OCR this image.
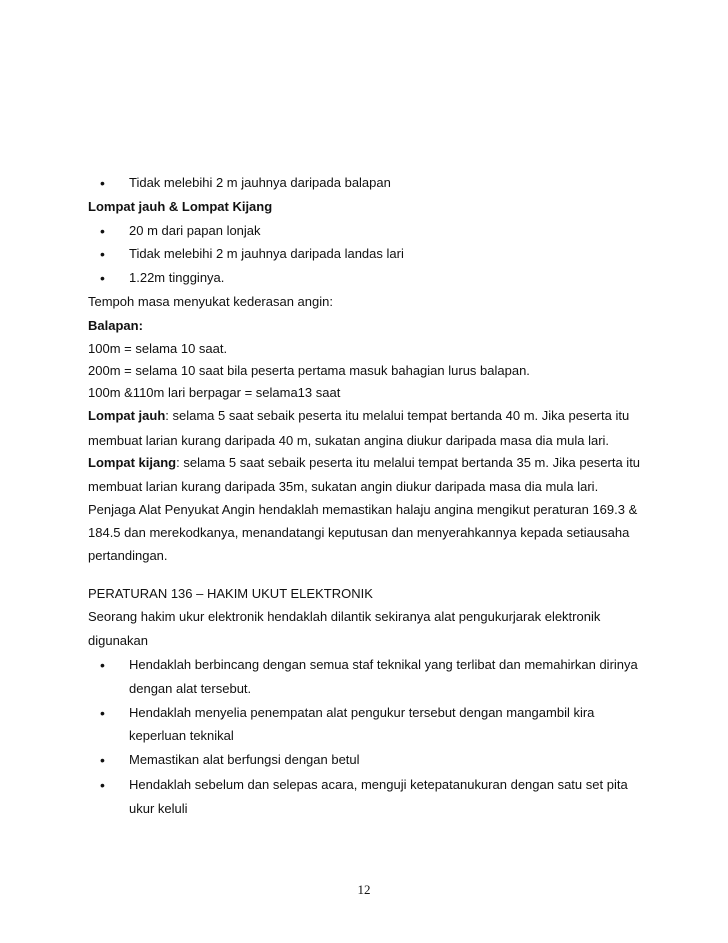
•	Tidak melebihi 2 m jauhnya daripada balapan
Lompat jauh & Lompat Kijang
•	20 m dari papan lonjak
•	Tidak melebihi 2 m jauhnya daripada landas lari
•	1.22m tingginya.
Tempoh masa menyukat kederasan angin:
Balapan:
100m = selama 10 saat.
200m = selama 10 saat bila peserta pertama masuk bahagian lurus balapan.
100m &110m lari berpagar = selama13 saat
Lompat jauh: selama 5 saat sebaik peserta itu melalui tempat bertanda 40 m. Jika peserta itu
membuat larian kurang daripada 40 m, sukatan angina diukur daripada masa dia mula lari.
Lompat kijang: selama 5 saat sebaik peserta itu melalui tempat bertanda 35 m. Jika peserta itu
membuat larian kurang daripada 35m, sukatan angin diukur daripada masa dia mula lari.
Penjaga Alat Penyukat Angin hendaklah memastikan halaju angina mengikut peraturan 169.3 &
184.5 dan merekodkanya, menandatangi keputusan dan menyerahkannya kepada setiausaha
pertandingan.
PERATURAN 136 – HAKIM UKUT ELEKTRONIK
Seorang hakim ukur elektronik hendaklah dilantik sekiranya alat pengukurjarak elektronik
digunakan
•	Hendaklah berbincang dengan semua staf teknikal yang terlibat dan memahirkan dirinya
dengan alat tersebut.
•	Hendaklah menyelia penempatan alat pengukur tersebut dengan mangambil kira
keperluan teknikal
•	Memastikan alat berfungsi dengan betul
•	Hendaklah sebelum dan selepas acara, menguji ketepatanukuran dengan satu set pita
ukur keluli
12
